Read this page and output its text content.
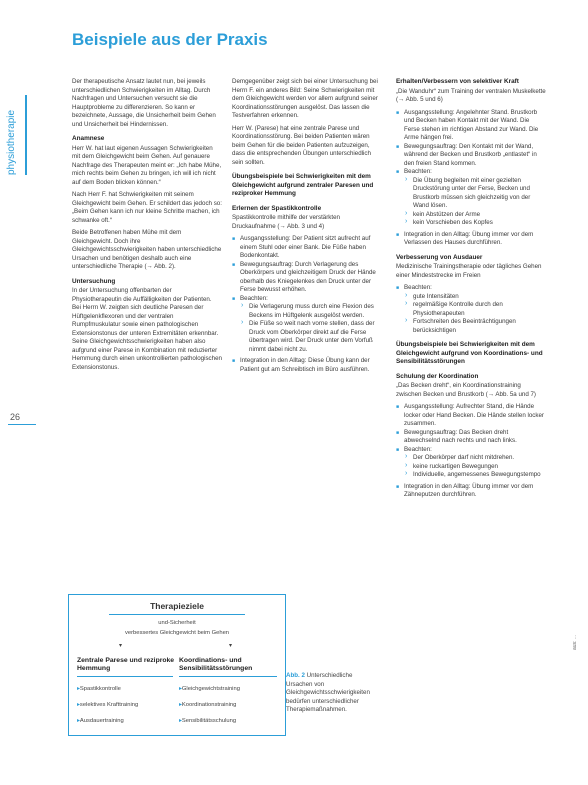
Beispiele aus der Praxis
physiotherapie
26

Der therapeutische Ansatz lautet nun, bei jeweils unterschiedlichen Schwierigkeiten im Alltag. Durch Nachfragen und Untersuchen versucht sie die Hauptprobleme zu differenzieren. So kann er bezeichnete, Aussage, die Unsicherheit beim Gehen und Unsicherheit bei Hindernissen.

Anamnese

Herr W. hat laut eigenen Aussagen Schwierigkeiten mit dem Gleichgewicht beim Gehen. Auf genauere Nachfrage des Therapeuten meint er: „Ich habe Mühe, mich rechts beim Gehen zu bringen, ich will ich nicht auf dem Boden blicken können.“

Nach Herr F. hat Schwierigkeiten mit seinem Gleichgewicht beim Gehen. Er schildert das jedoch so: „Beim Gehen kann ich nur kleine Schritte machen, ich schwanke oft.“

Beide Betroffenen haben Mühe mit dem Gleichgewicht. Doch ihre Gleichgewichtsschwierigkeiten haben unterschiedliche Ursachen und benötigen deshalb auch eine unterschiedliche Therapie (→ Abb. 2).

Untersuchung

In der Untersuchung offenbarten der Physiotherapeutin die Auffälligkeiten der Patienten. Bei Herrn W. zeigten sich deutliche Paresen der Hüftgelenkflexoren und der ventralen Rumpfmuskulatur sowie einen pathologischen Extensionstonus der unteren Extremitäten erkennbar. Seine Gleichgewichtsschwierigkeiten haben also aufgrund einer Parese in Kombination mit reduzierter Hemmung durch einen unkontrollierten pathologischen Extensionstonus.

Demgegenüber zeigt sich bei einer Untersuchung bei Herrn F. ein anderes Bild: Seine Schwierigkeiten mit dem Gleichgewicht werden vor allem aufgrund seiner Koordinationsstörungen ausgelöst. Das lassen die Testverfahren erkennen.

Herr W. (Parese) hat eine zentrale Parese und Koordinationsstörung. Bei beiden Patienten wären beim Gehen für die beiden Patienten aufzuzeigen, dass die entsprechenden Übungen unterschiedlich sein sollten.

Übungsbeispiele bei Schwierigkeiten mit dem Gleichgewicht aufgrund zentraler Paresen und reziproker Hemmung
Erlernen der Spastikkontrolle

Spastikkontrolle mithilfe der verstärkten Druckaufnahme (→ Abb. 3 und 4)

■ Ausgangsstellung: Der Patient sitzt aufrecht auf einem Stuhl oder einer Bank. Die Füße haben Bodenkontakt.
■ Bewegungsauftrag: Durch Verlagerung des Oberkörpers und gleichzeitigem Druck der Hände oberhalb des Kniegelenkes den Druck unter der Ferse bewusst erhöhen.
■ Beachten:
› Die Verlagerung muss durch eine Flexion des Beckens im Hüftgelenk ausgelöst werden.
› Die Füße so weit nach vorne stellen, dass der Druck vom Oberkörper direkt auf die Ferse übertragen wird. Der Druck unter dem Vorfuß nimmt dabei nicht zu.
■ Integration in den Alltag: Diese Übung kann der Patient gut am Schreibtisch im Büro ausführen.
Erhalten/Verbessern von selektiver Kraft

„Die Wanduhr“ zum Training der ventralen Muskelkette (→ Abb. 5 und 6)

■ Ausgangsstellung: Angelehnter Stand. Brustkorb und Becken haben Kontakt mit der Wand. Die Ferse stehen im richtigen Abstand zur Wand. Die Arme hängen frei.
■ Bewegungsauftrag: Den Kontakt mit der Wand, während der Becken und Brustkorb „entlastet“ in den freien Stand kommen.
■ Beachten:
› Die Übung begleiten mit einer gezielten Druckstörung unter der Ferse, Becken und Brustkorb müssen sich gleichzeitig von der Wand lösen.
› kein Abstützen der Arme
› kein Vorschieben des Kopfes
■ Integration in den Alltag: Übung immer vor dem Verlassen des Hauses durchführen.
Verbesserung von Ausdauer

Medizinische Trainingstherapie oder tägliches Gehen einer Mindeststrecke im Freien

■ Beachten:
› gute Intensitäten
› regelmäßige Kontrolle durch den Physiotherapeuten
› Fortschreiten des Beeinträchtigungen berücksichtigen
Übungsbeispiele bei Schwierigkeiten mit dem Gleichgewicht aufgrund von Koordinations- und Sensibilitätsstörungen
Schulung der Koordination

„Das Becken dreht“, ein Koordinationstraining zwischen Becken und Brustkorb (→ Abb. 5a und 7)

■ Ausgangsstellung: Aufrechter Stand, die Hände locker oder Hand Becken. Die Hände stellen locker zusammen.
■ Bewegungsauftrag: Das Becken dreht abwechselnd nach rechts und nach links.
■ Beachten:
› Der Oberkörper darf nicht mitdrehen.
› keine ruckartigen Bewegungen
› Individuelle, angemessenes Bewegungstempo
■ Integration in den Alltag: Übung immer vor dem Zähneputzen durchführen.
Therapieziele
und-Sicherheit
verbessertes Gleichgewicht beim Gehen
▾	▾
Zentrale Parese und reziproke Hemmung
Koordinations- und Sensibilitätsstörungen
▸ Spastikkontrolle
▸ selektives Krafttraining
▸ Ausdauertraining
▸ Gleichgewichtstraining
▸ Koordinationstraining
▸ Sensibilitätsschulung
Abb. 2 Unterschiedliche Ursachen von Gleichgewichtsschwierigkeiten bedürfen unterschiedlicher Therapiemaßnahmen.
aus: ...
